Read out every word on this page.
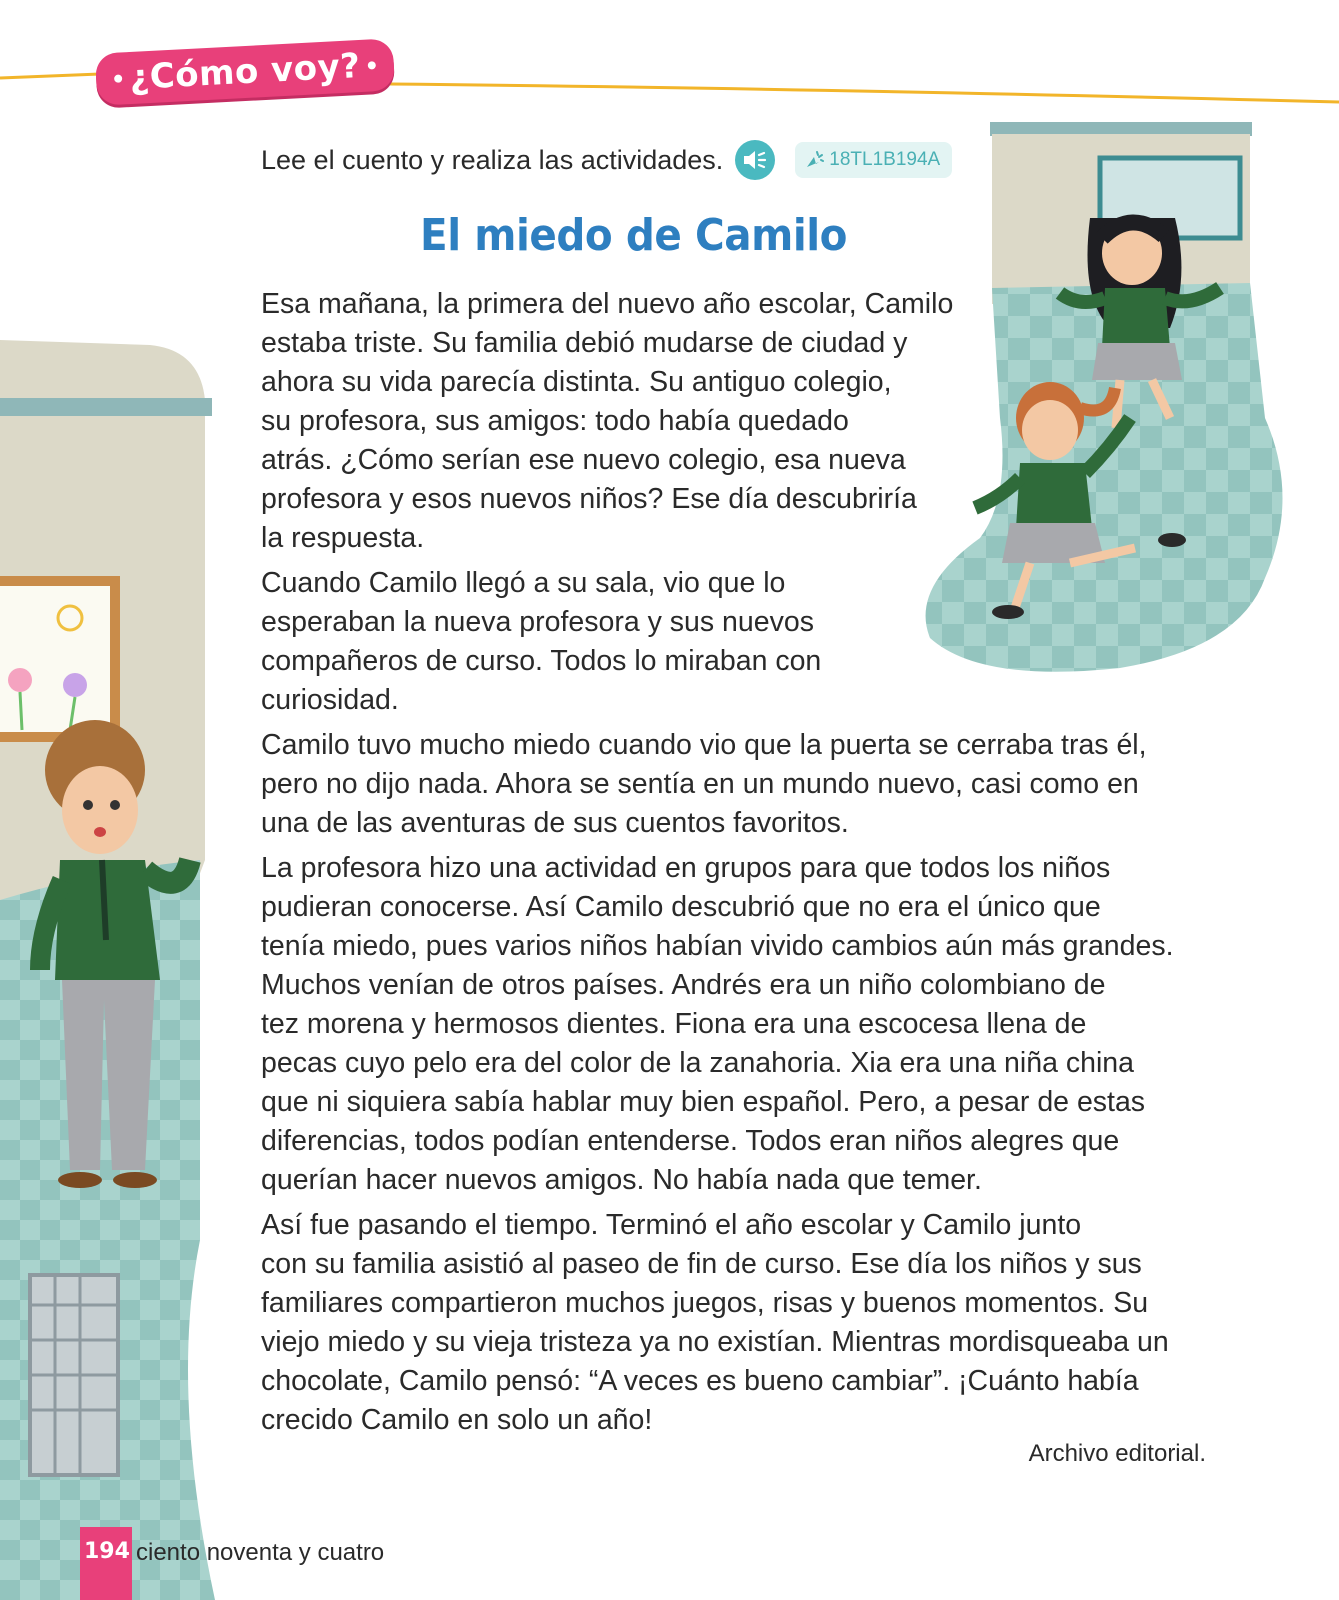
¿Cómo voy?
Lee el cuento y realiza las actividades.	18TL1B194A
El miedo de Camilo

Esa mañana, la primera del nuevo año escolar, Camilo
estaba triste. Su familia debió mudarse de ciudad y
ahora su vida parecía distinta. Su antiguo colegio,
su profesora, sus amigos: todo había quedado
atrás. ¿Cómo serían ese nuevo colegio, esa nueva
profesora y esos nuevos niños? Ese día descubriría
la respuesta.

Cuando Camilo llegó a su sala, vio que lo
esperaban la nueva profesora y sus nuevos
compañeros de curso. Todos lo miraban con
curiosidad.

Camilo tuvo mucho miedo cuando vio que la puerta se cerraba tras él,
pero no dijo nada. Ahora se sentía en un mundo nuevo, casi como en
una de las aventuras de sus cuentos favoritos.

La profesora hizo una actividad en grupos para que todos los niños
pudieran conocerse. Así Camilo descubrió que no era el único que
tenía miedo, pues varios niños habían vivido cambios aún más grandes.
Muchos venían de otros países. Andrés era un niño colombiano de
tez morena y hermosos dientes. Fiona era una escocesa llena de
pecas cuyo pelo era del color de la zanahoria. Xia era una niña china
que ni siquiera sabía hablar muy bien español. Pero, a pesar de estas
diferencias, todos podían entenderse. Todos eran niños alegres que
querían hacer nuevos amigos. No había nada que temer.

Así fue pasando el tiempo. Terminó el año escolar y Camilo junto
con su familia asistió al paseo de fin de curso. Ese día los niños y sus
familiares compartieron muchos juegos, risas y buenos momentos. Su
viejo miedo y su vieja tristeza ya no existían. Mientras mordisqueaba un
chocolate, Camilo pensó: “A veces es bueno cambiar”. ¡Cuánto había
crecido Camilo en solo un año!

Archivo editorial.
194 ciento noventa y cuatro
